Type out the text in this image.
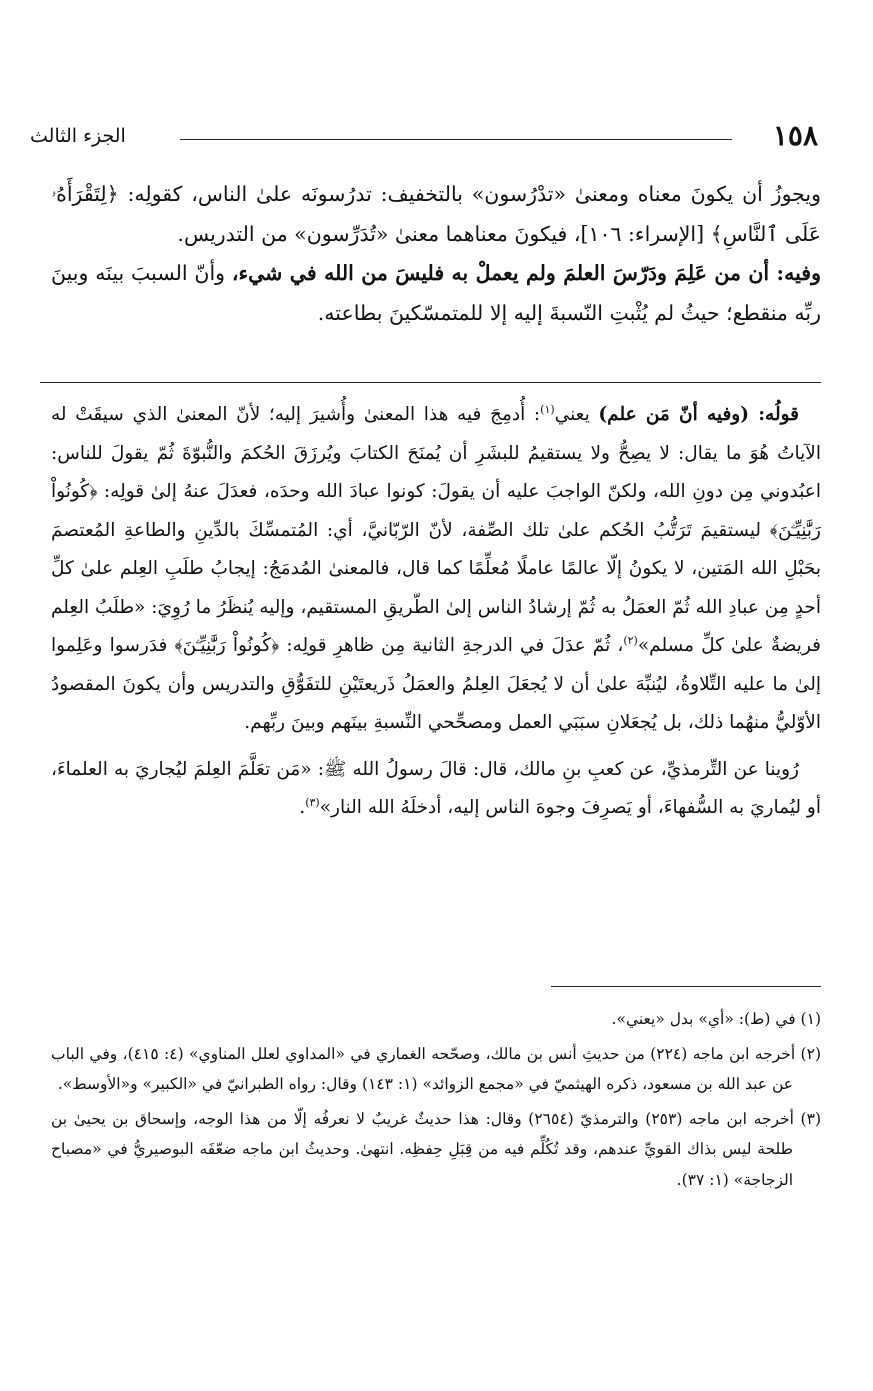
١٥٨
الجزء الثالث

ويجوزُ أن يكونَ معناه ومعنىٰ «تدْرُسون» بالتخفيف: تدرُسونَه علىٰ الناس، كقولِه: ﴿لِتَقْرَأَهُۥ عَلَى ٱلنَّاسِ﴾ [الإسراء: ١٠٦]، فيكونَ معناهما معنىٰ «تُدَرِّسون» من التدريس.

وفيه: أن من عَلِمَ ودَرّسَ العلمَ ولم يعملْ به فليسَ من الله في شيء، وأنّ السببَ بينَه وبينَ ربِّه منقطع؛ حيثُ لم يُثْبتِ النّسبةَ إليه إلا للمتمسّكينَ بطاعته.

قولُه: (وفيه أنّ مَن علم) يعني$^{(١)}$: أُدمِجَ فيه هذا المعنىٰ وأُشيرَ إليه؛ لأنّ المعنىٰ الذي سيقَتْ له الآياتُ هُوَ ما يقال: لا يصِحُّ ولا يستقيمُ للبشَرِ أن يُمنَحَ الكتابَ ويُرزَقَ الحُكمَ والنُّبوّةَ ثُمّ يقولَ للناس: اعبُدوني مِن دونِ الله، ولكنّ الواجبَ عليه أن يقولَ: كونوا عبادَ الله وحدَه، فعدَلَ عنهُ إلىٰ قولِه: ﴿كُونُواْ رَبَّٰنِيِّـۧنَ﴾ ليستقيمَ تَرَتُّبُ الحُكم علىٰ تلك الصِّفة، لأنّ الرّبّانيَّ، أي: المُتمسِّكَ بالدِّينِ والطاعةِ المُعتصمَ بحَبْلِ الله المَتين، لا يكونُ إلّا عالمًا عاملًا مُعلِّمًا كما قال، فالمعنىٰ المُدمَجُ: إيجابُ طلَبِ العِلم علىٰ كلِّ أحدٍ مِن عبادِ الله ثُمّ العمَلُ به ثُمّ إرشادُ الناس إلىٰ الطّريقِ المستقيم، وإليه يُنظَرُ ما رُوِيَ: «طلَبُ العِلم فريضةٌ علىٰ كلِّ مسلم»$^{(٢)}$، ثُمّ عدَلَ في الدرجةِ الثانية مِن ظاهرِ قولِه: ﴿كُونُواْ رَبَّٰنِيِّـۧنَ﴾ فدَرسوا وعَلِموا إلىٰ ما عليه التِّلاوةُ، ليُنبِّهَ علىٰ أن لا يُجعَلَ العِلمُ والعمَلُ ذَريعتَيْنِ للتفَوُّقِ والتدريس وأن يكونَ المقصودُ الأوّليُّ منهُما ذلك، بل يُجعَلانِ سبَبَي العمل ومصحِّحي النِّسبةِ بينَهم وبينَ ربِّهم.

رُوينا عن التِّرمذيِّ، عن كعبِ بنِ مالك، قال: قالَ رسولُ الله ﷺ: «مَن تعَلَّمَ العِلمَ ليُجاريَ به العلماءَ، أو ليُماريَ به السُّفهاءَ، أو يَصرِفَ وجوهَ الناس إليه، أدخلَهُ الله النار»$^{(٣)}$.

(١) في (ط): «أي» بدل «يعني».

(٢) أخرجه ابن ماجه (٢٢٤) من حديثِ أنس بن مالك، وصحّحه الغماري في «المداوي لعلل المناوي» (٤: ٤١٥)، وفي الباب عن عبد الله بن مسعود، ذكره الهيثميّ في «مجمع الزوائد» (١: ١٤٣) وقال: رواه الطبرانيّ في «الكبير» و«الأوسط».

(٣) أخرجه ابن ماجه (٢٥٣) والترمذيّ (٢٦٥٤) وقال: هذا حديثٌ غريبٌ لا نعرفُه إلّا من هذا الوجه، وإسحاق بن يحيىٰ بن طلحة ليس بذاك القويِّ عندهم، وقد تُكُلِّم فيه من قِبَلِ حِفظِه. انتهىٰ. وحديثُ ابن ماجه ضعّفَه البوصيريُّ في «مصباح الزجاجة» (١: ٣٧).
